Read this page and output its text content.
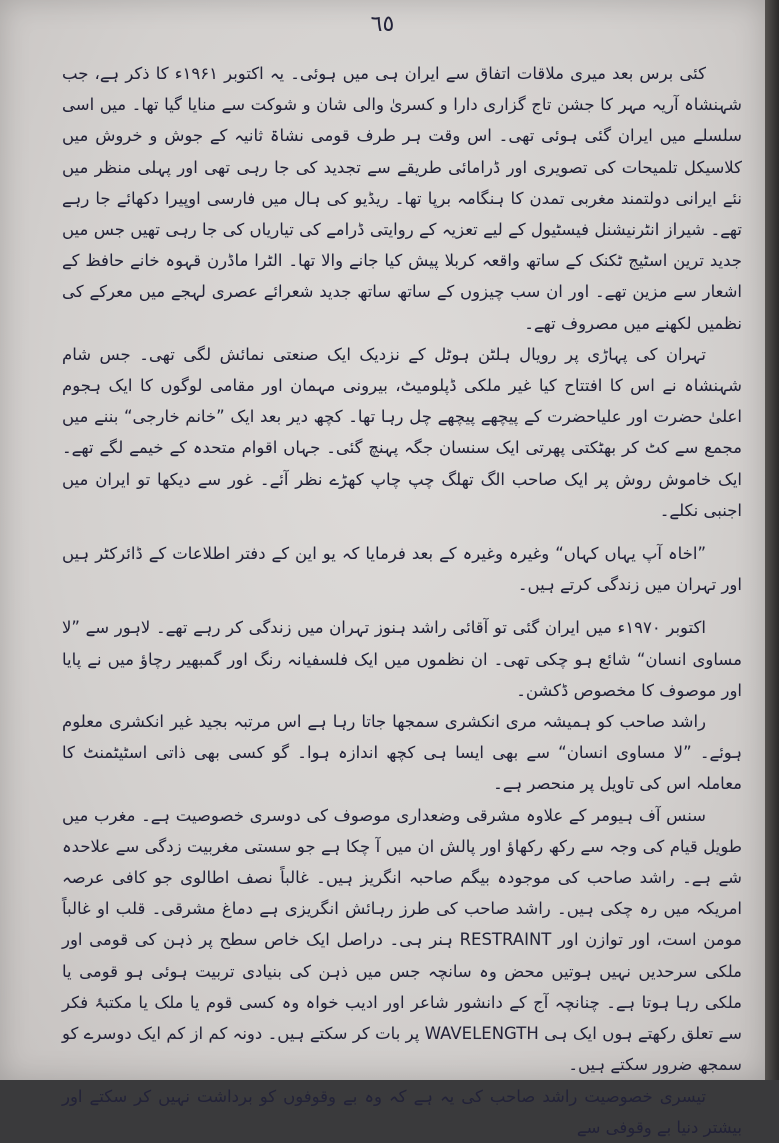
٦٥

کئی برس بعد میری ملاقات اتفاق سے ایران ہی میں ہوئی۔ یہ اکتوبر ۱۹۶۱ء کا ذکر ہے، جب شہنشاہ آریہ مہر کا جشن تاج گزاری دارا و کسریٰ والی شان و شوکت سے منایا گیا تھا۔ میں اسی سلسلے میں ایران گئی ہوئی تھی۔ اس وقت ہر طرف قومی نشاۃ ثانیہ کے جوش و خروش میں کلاسیکل تلمیحات کی تصویری اور ڈرامائی طریقے سے تجدید کی جا رہی تھی اور پہلی منظر میں نئے ایرانی دولتمند مغربی تمدن کا ہنگامہ برپا تھا۔ ریڈیو کی ہال میں فارسی اوپیرا دکھائے جا رہے تھے۔ شیراز انٹرنیشنل فیسٹیول کے لیے تعزیہ کے روایتی ڈرامے کی تیاریاں کی جا رہی تھیں جس میں جدید ترین اسٹیج ٹکنک کے ساتھ واقعہ کربلا پیش کیا جانے والا تھا۔ الٹرا ماڈرن قہوہ خانے حافظ کے اشعار سے مزین تھے۔ اور ان سب چیزوں کے ساتھ ساتھ جدید شعرائے عصری لہجے میں معرکے کی نظمیں لکھنے میں مصروف تھے۔

تہران کی پہاڑی پر رویال ہلٹن ہوٹل کے نزدیک ایک صنعتی نمائش لگی تھی۔ جس شام شہنشاہ نے اس کا افتتاح کیا غیر ملکی ڈپلومیٹ، بیرونی مہمان اور مقامی لوگوں کا ایک ہجوم اعلیٰ حضرت اور علیاحضرت کے پیچھے پیچھے چل رہا تھا۔ کچھ دیر بعد ایک ”خانم خارجی“ بننے میں مجمع سے کٹ کر بھٹکتی پھرتی ایک سنسان جگہ پہنچ گئی۔ جہاں اقوام متحدہ کے خیمے لگے تھے۔ ایک خاموش روش پر ایک صاحب الگ تھلگ چپ چاپ کھڑے نظر آئے۔ غور سے دیکھا تو ایران میں اجنبی نکلے۔

”اخاہ آپ یہاں کہاں“ وغیرہ وغیرہ کے بعد فرمایا کہ یو این کے دفتر اطلاعات کے ڈائرکٹر ہیں اور تہران میں زندگی کرتے ہیں۔

اکتوبر ۱۹۷۰ء میں ایران گئی تو آقائی راشد ہنوز تہران میں زندگی کر رہے تھے۔ لاہور سے ”لا مساوی انسان“ شائع ہو چکی تھی۔ ان نظموں میں ایک فلسفیانہ رنگ اور گمبھیر رچاؤ میں نے پایا اور موصوف کا مخصوص ڈکشن۔

راشد صاحب کو ہمیشہ مری انکشری سمجھا جاتا رہا ہے اس مرتبہ بجید غیر انکشری معلوم ہوئے۔ ”لا مساوی انسان“ سے بھی ایسا ہی کچھ اندازہ ہوا۔ گو کسی بھی ذاتی اسٹیٹمنٹ کا معاملہ اس کی تاویل پر منحصر ہے۔

سنس آف ہیومر کے علاوہ مشرقی وضعداری موصوف کی دوسری خصوصیت ہے۔ مغرب میں طویل قیام کی وجہ سے رکھ رکھاؤ اور پالش ان میں آ چکا ہے جو سستی مغربیت زدگی سے علاحدہ شے ہے۔ راشد صاحب کی موجودہ بیگم صاحبہ انگریز ہیں۔ غالباً نصف اطالوی جو کافی عرصہ امریکہ میں رہ چکی ہیں۔ راشد صاحب کی طرز رہائش انگریزی ہے دماغ مشرقی۔ قلب او غالباً مومن است، اور توازن اور RESTRAINT ہنر ہی۔ دراصل ایک خاص سطح پر ذہن کی قومی اور ملکی سرحدیں نہیں ہوتیں محض وہ سانچہ جس میں ذہن کی بنیادی تربیت ہوئی ہو قومی یا ملکی رہا ہوتا ہے۔ چنانچہ آج کے دانشور شاعر اور ادیب خواہ وہ کسی قوم یا ملک یا مکتبۂ فکر سے تعلق رکھتے ہوں ایک ہی WAVELENGTH پر بات کر سکتے ہیں۔ دونہ کم از کم ایک دوسرے کو سمجھ ضرور سکتے ہیں۔

تیسری خصوصیت راشد صاحب کی یہ ہے کہ وہ بے وقوفوں کو برداشت نہیں کر سکتے اور بیشتر دنیا بے وقوفی سے
